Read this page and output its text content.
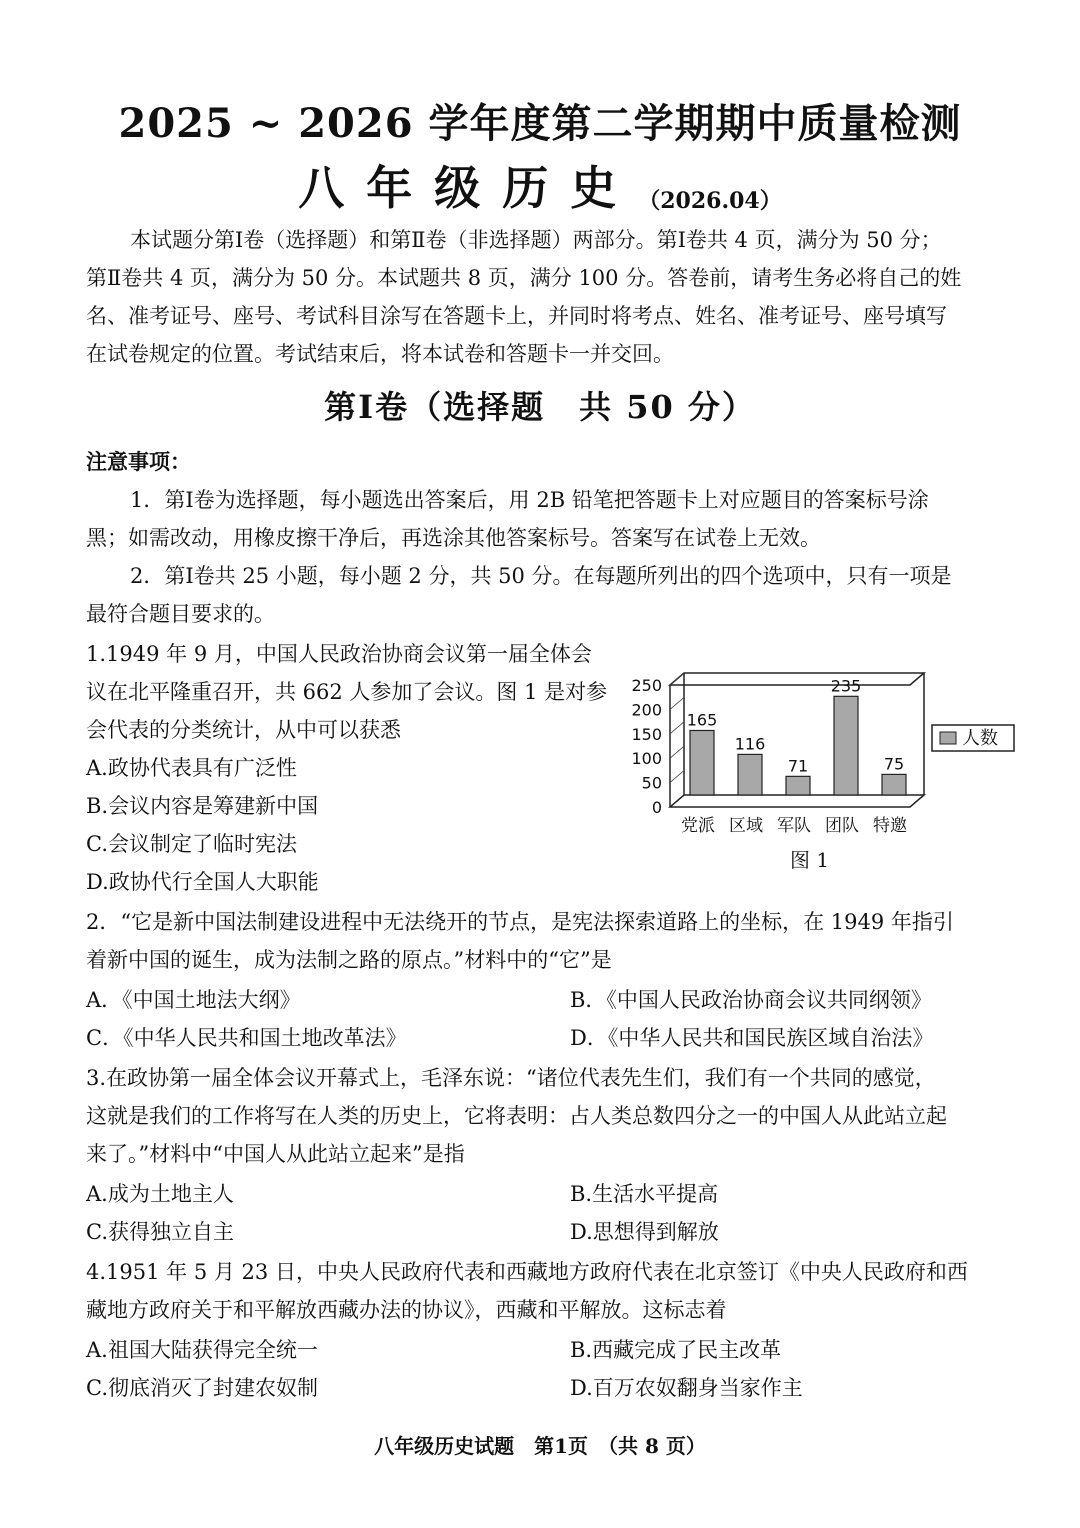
2025 ~ 2026 学年度第二学期期中质量检测
八年级历史（2026.04）
本试题分第Ⅰ卷（选择题）和第Ⅱ卷（非选择题）两部分。第Ⅰ卷共 4 页，满分为 50 分；
第Ⅱ卷共 4 页，满分为 50 分。本试题共 8 页，满分 100 分。答卷前，请考生务必将自己的姓
名、准考证号、座号、考试科目涂写在答题卡上，并同时将考点、姓名、准考证号、座号填写
在试卷规定的位置。考试结束后，将本试卷和答题卡一并交回。
第Ⅰ卷（选择题　共 50 分）
注意事项：
1．第Ⅰ卷为选择题，每小题选出答案后，用 2B 铅笔把答题卡上对应题目的答案标号涂
黑；如需改动，用橡皮擦干净后，再选涂其他答案标号。答案写在试卷上无效。
2．第Ⅰ卷共 25 小题，每小题 2 分，共 50 分。在每题所列出的四个选项中，只有一项是
最符合题目要求的。
1.1949 年 9 月，中国人民政治协商会议第一届全体会
议在北平隆重召开，共 662 人参加了会议。图 1 是对参
会代表的分类统计，从中可以获悉
A.政协代表具有广泛性
B.会议内容是筹建新中国
C.会议制定了临时宪法
D.政协代行全国人大职能
0
50
100
150
200
250
165
116
71
235
75
党派 区域 军队 团队 特邀
人数
图 1
2．“它是新中国法制建设进程中无法绕开的节点，是宪法探索道路上的坐标，在 1949 年指引
着新中国的诞生，成为法制之路的原点。”材料中的“它”是
A．《中国土地法大纲》	B．《中国人民政治协商会议共同纲领》
C．《中华人民共和国土地改革法》	D．《中华人民共和国民族区域自治法》
3.在政协第一届全体会议开幕式上，毛泽东说：“诸位代表先生们，我们有一个共同的感觉，
这就是我们的工作将写在人类的历史上，它将表明：占人类总数四分之一的中国人从此站立起
来了。”材料中“中国人从此站立起来”是指
A.成为土地主人	B.生活水平提高
C.获得独立自主	D.思想得到解放
4.1951 年 5 月 23 日，中央人民政府代表和西藏地方政府代表在北京签订《中央人民政府和西
藏地方政府关于和平解放西藏办法的协议》，西藏和平解放。这标志着
A.祖国大陆获得完全统一	B.西藏完成了民主改革
C.彻底消灭了封建农奴制	D.百万农奴翻身当家作主
八年级历史试题　第1页　（共 8 页）
